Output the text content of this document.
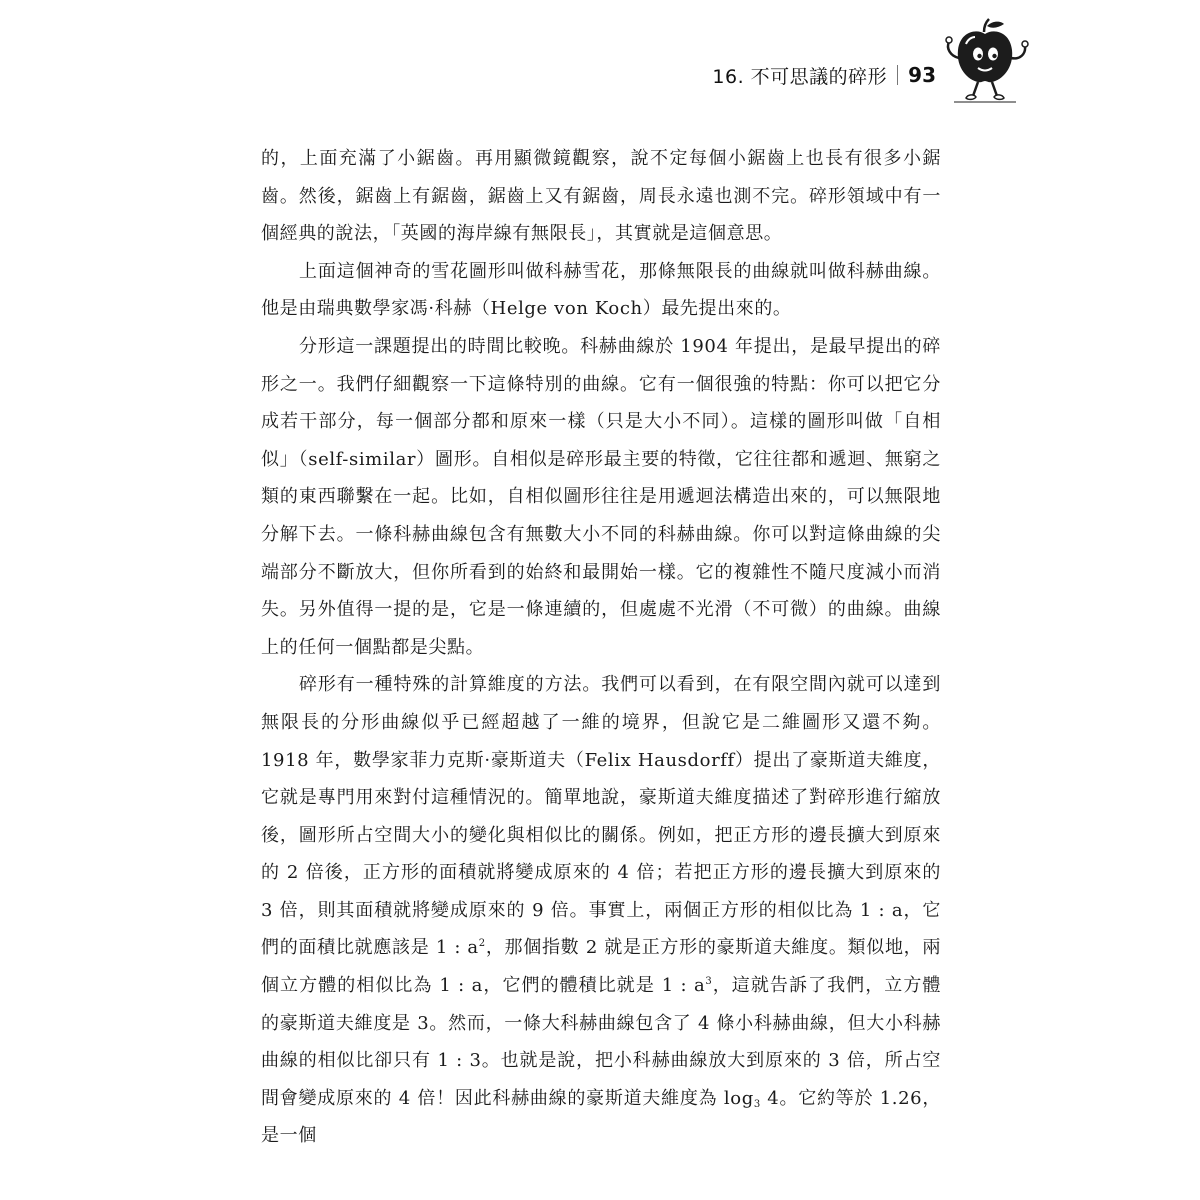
16. 不可思議的碎形 93

的，上面充滿了小鋸齒。再用顯微鏡觀察，說不定每個小鋸齒上也長有很多小鋸齒。然後，鋸齒上有鋸齒，鋸齒上又有鋸齒，周長永遠也測不完。碎形領域中有一個經典的說法，「英國的海岸線有無限長」，其實就是這個意思。

上面這個神奇的雪花圖形叫做科赫雪花，那條無限長的曲線就叫做科赫曲線。他是由瑞典數學家馮·科赫（Helge von Koch）最先提出來的。

分形這一課題提出的時間比較晚。科赫曲線於 1904 年提出，是最早提出的碎形之一。我們仔細觀察一下這條特別的曲線。它有一個很強的特點：你可以把它分成若干部分，每一個部分都和原來一樣（只是大小不同）。這樣的圖形叫做「自相似」（self-similar）圖形。自相似是碎形最主要的特徵，它往往都和遞迴、無窮之類的東西聯繫在一起。比如，自相似圖形往往是用遞迴法構造出來的，可以無限地分解下去。一條科赫曲線包含有無數大小不同的科赫曲線。你可以對這條曲線的尖端部分不斷放大，但你所看到的始終和最開始一樣。它的複雜性不隨尺度減小而消失。另外值得一提的是，它是一條連續的，但處處不光滑（不可微）的曲線。曲線上的任何一個點都是尖點。

碎形有一種特殊的計算維度的方法。我們可以看到，在有限空間內就可以達到無限長的分形曲線似乎已經超越了一維的境界，但說它是二維圖形又還不夠。1918 年，數學家菲力克斯·豪斯道夫（Felix Hausdorff）提出了豪斯道夫維度，它就是專門用來對付這種情況的。簡單地說，豪斯道夫維度描述了對碎形進行縮放後，圖形所占空間大小的變化與相似比的關係。例如，把正方形的邊長擴大到原來的 2 倍後，正方形的面積就將變成原來的 4 倍；若把正方形的邊長擴大到原來的 3 倍，則其面積就將變成原來的 9 倍。事實上，兩個正方形的相似比為 1 : a，它們的面積比就應該是 1 : $a^2$，那個指數 2 就是正方形的豪斯道夫維度。類似地，兩個立方體的相似比為 1 : a，它們的體積比就是 1 : $a^3$，這就告訴了我們，立方體的豪斯道夫維度是 3。然而，一條大科赫曲線包含了 4 條小科赫曲線，但大小科赫曲線的相似比卻只有 1 : 3。也就是說，把小科赫曲線放大到原來的 3 倍，所占空間會變成原來的 4 倍！因此科赫曲線的豪斯道夫維度為 $\log_3 4$。它約等於 1.26，是一個
